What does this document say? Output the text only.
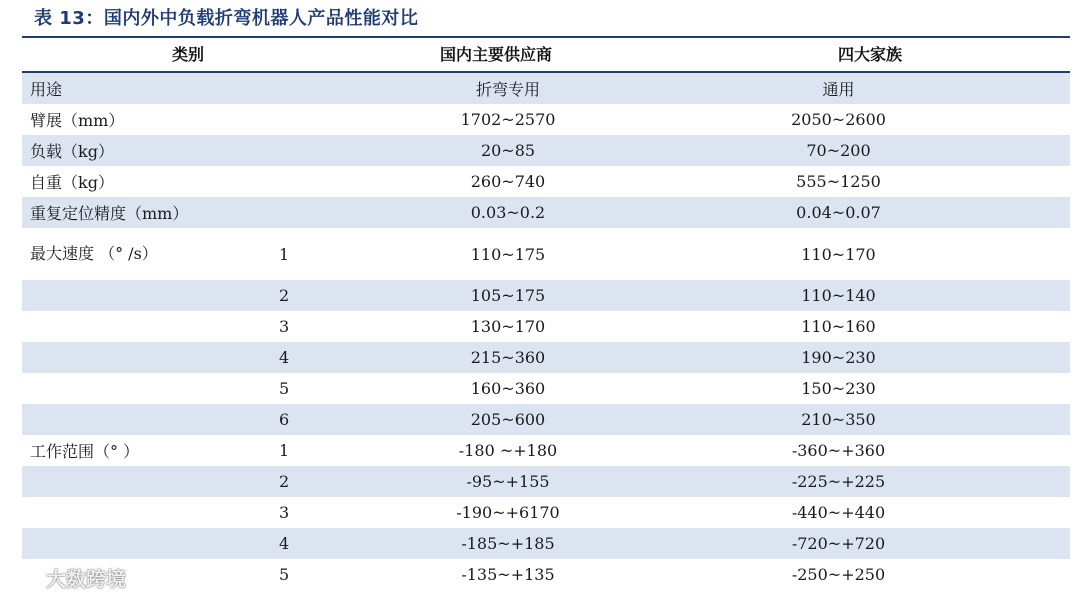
表 13：国内外中负载折弯机器人产品性能对比
类别	国内主要供应商	四大家族
用途		折弯专用	通用
臂展（mm）		1702~2570	2050~2600
负载（kg）		20~85	70~200
自重（kg）		260~740	555~1250
重复定位精度（mm）		0.03~0.2	0.04~0.07
最大速度 （° /s）	1	110~175	110~170
	2	105~175	110~140
	3	130~170	110~160
	4	215~360	190~230
	5	160~360	150~230
	6	205~600	210~350
工作范围（° ）	1	-180 ~+180	-360~+360
	2	-95~+155	-225~+225
	3	-190~+6170	-440~+440
	4	-185~+185	-720~+720
	5	-135~+135	-250~+250
大数跨境
